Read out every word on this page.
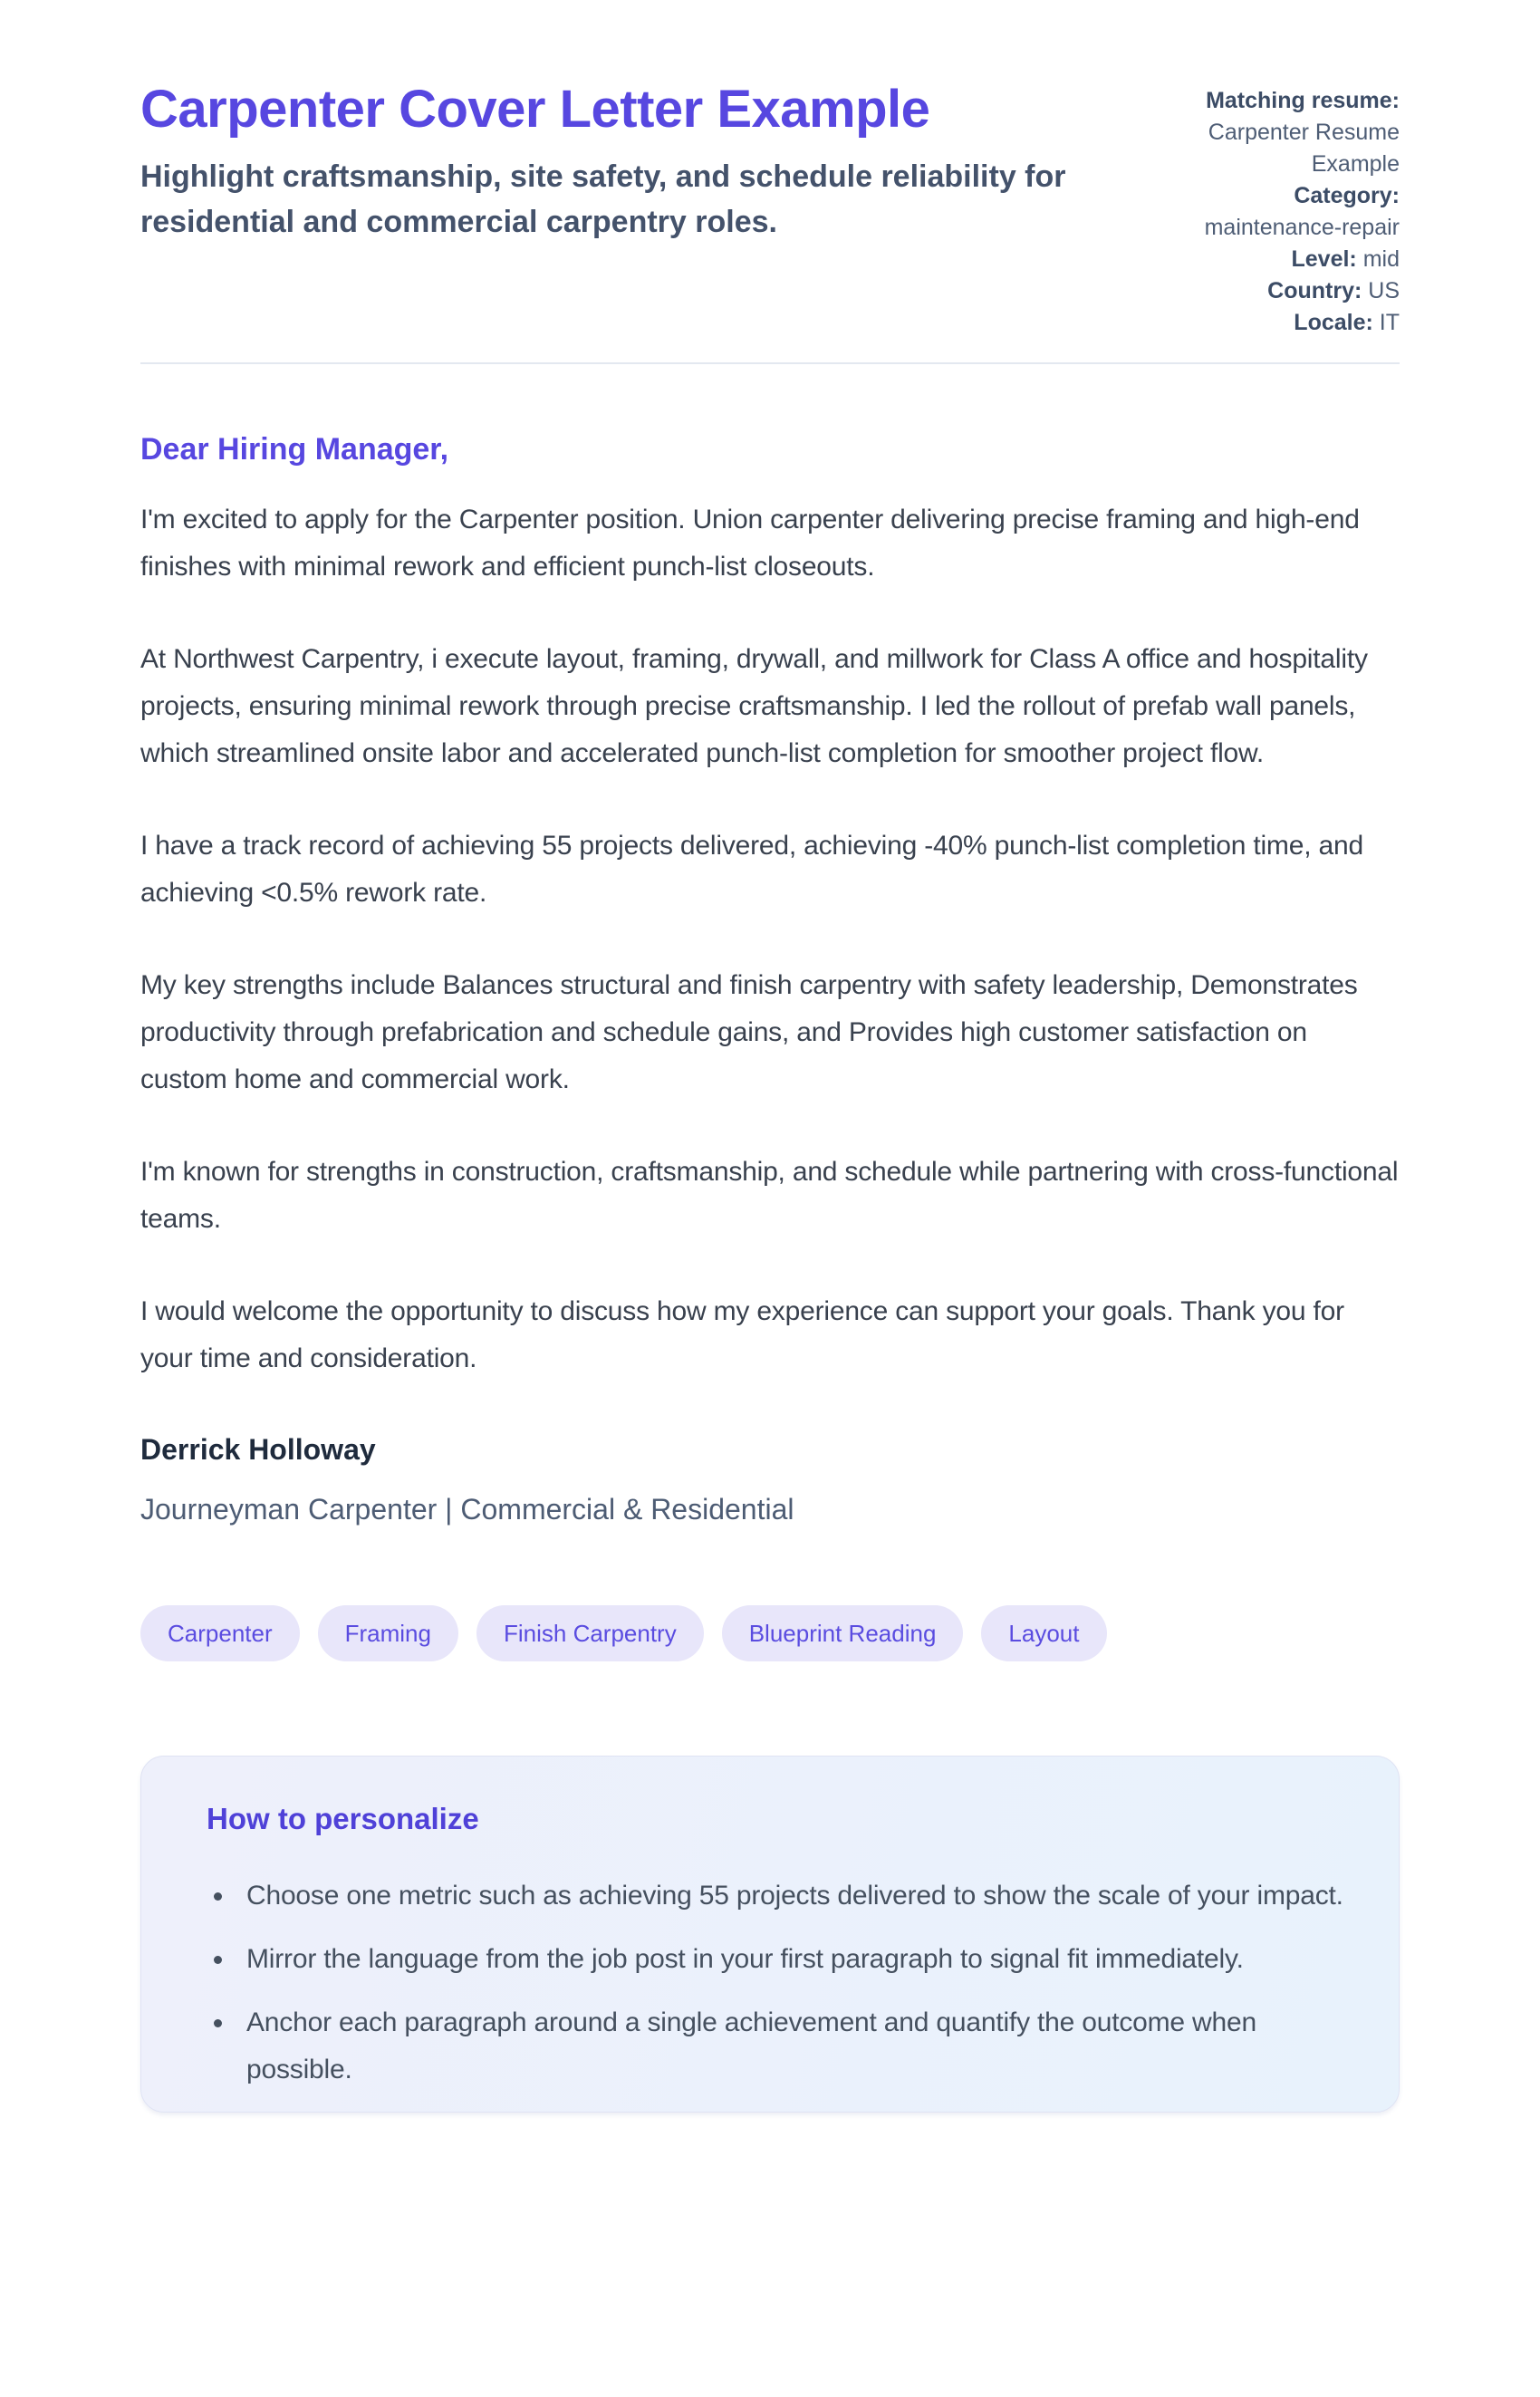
Carpenter Cover Letter Example
Highlight craftsmanship, site safety, and schedule reliability for residential and commercial carpentry roles.
Matching resume:
Carpenter Resume Example
Category:
maintenance-repair
Level: mid
Country: US
Locale: IT
Dear Hiring Manager,

I'm excited to apply for the Carpenter position. Union carpenter delivering precise framing and high-end finishes with minimal rework and efficient punch-list closeouts.

At Northwest Carpentry, i execute layout, framing, drywall, and millwork for Class A office and hospitality projects, ensuring minimal rework through precise craftsmanship. I led the rollout of prefab wall panels, which streamlined onsite labor and accelerated punch-list completion for smoother project flow.

I have a track record of achieving 55 projects delivered, achieving -40% punch-list completion time, and achieving <0.5% rework rate.

My key strengths include Balances structural and finish carpentry with safety leadership, Demonstrates productivity through prefabrication and schedule gains, and Provides high customer satisfaction on custom home and commercial work.

I'm known for strengths in construction, craftsmanship, and schedule while partnering with cross-functional teams.

I would welcome the opportunity to discuss how my experience can support your goals. Thank you for your time and consideration.

Derrick Holloway
Journeyman Carpenter | Commercial & Residential
Carpenter	Framing	Finish Carpentry	Blueprint Reading	Layout
How to personalize
• Choose one metric such as achieving 55 projects delivered to show the scale of your impact.
• Mirror the language from the job post in your first paragraph to signal fit immediately.
• Anchor each paragraph around a single achievement and quantify the outcome when possible.
